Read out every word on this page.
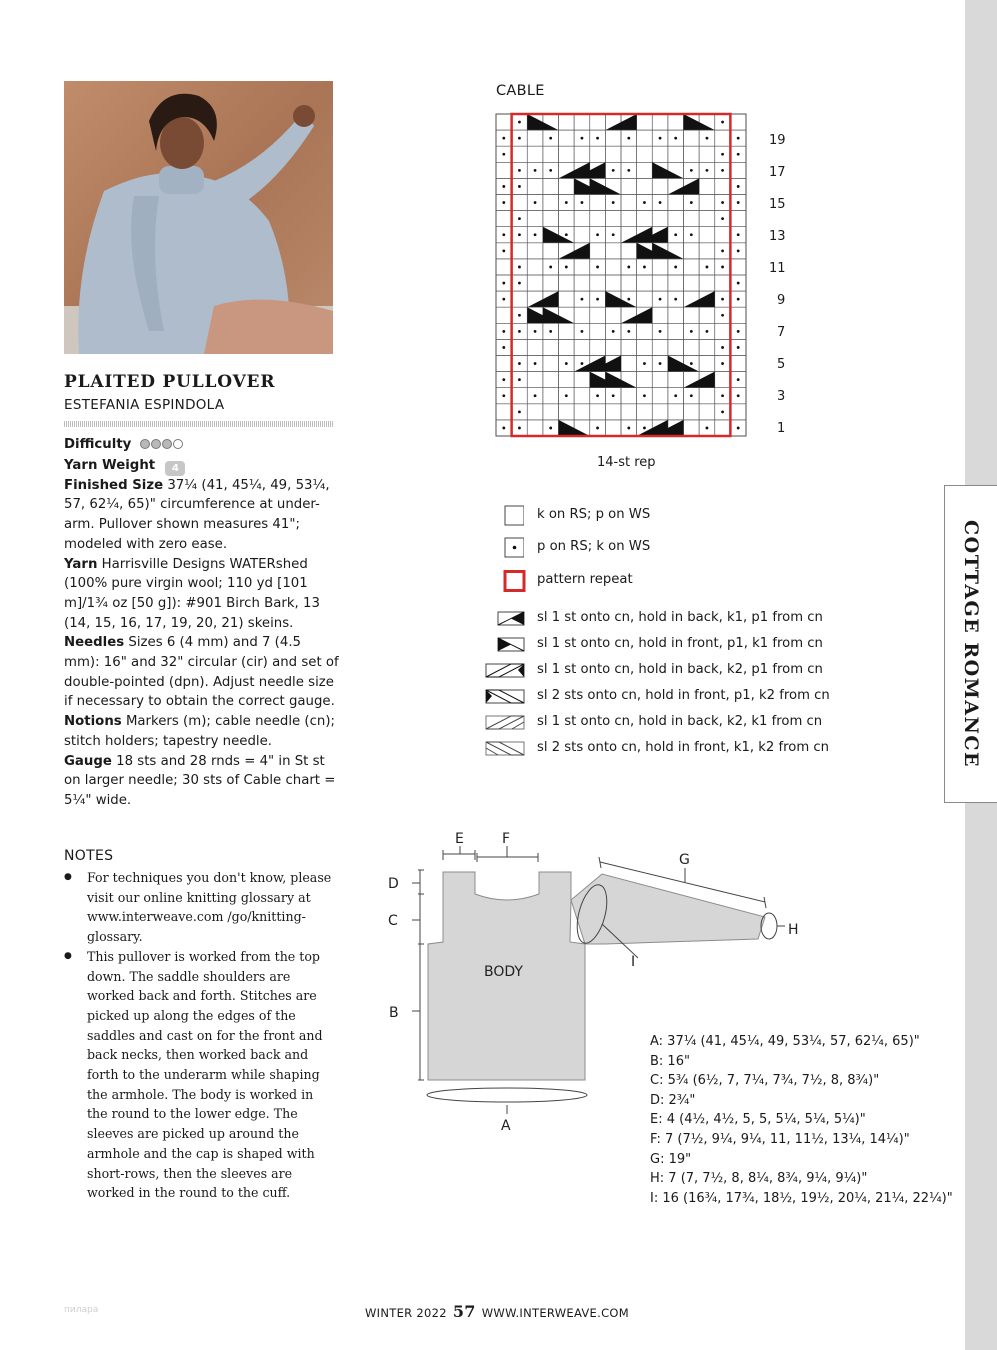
COTTAGE ROMANCE
PLAITED PULLOVER
ESTEFANIA ESPINDOLA

Difficulty

Yarn Weight 4

Finished Size 37¼ (41, 45¼, 49, 53¼, 57, 62¼, 65)" circumference at under-arm. Pullover shown measures 41"; modeled with zero ease.

Yarn Harrisville Designs WATERshed (100% pure virgin wool; 110 yd [101 m]/1¾ oz [50 g]): #901 Birch Bark, 13 (14, 15, 16, 17, 19, 20, 21) skeins.

Needles Sizes 6 (4 mm) and 7 (4.5 mm): 16" and 32" circular (cir) and set of double-pointed (dpn). Adjust needle size if necessary to obtain the correct gauge.

Notions Markers (m); cable needle (cn); stitch holders; tapestry needle.

Gauge 18 sts and 28 rnds = 4" in St st on larger needle; 30 sts of Cable chart = 5¼" wide.

NOTES
● For techniques you don't know, please visit our online knitting glossary at www.interweave.com /go/knitting-glossary.
● This pullover is worked from the top down. The saddle shoulders are worked back and forth. Stitches are picked up along the edges of the saddles and cast on for the front and back necks, then worked back and forth to the underarm while shaping the armhole. The body is worked in the round to the lower edge. The sleeves are picked up around the armhole and the cap is shaped with short-rows, then the sleeves are worked in the round to the cuff.
CABLE
19
17
15
13
11
9
7
5
3
1
14-st rep
k on RS; p on WS
p on RS; k on WS
pattern repeat
sl 1 st onto cn, hold in back, k1, p1 from cn
sl 1 st onto cn, hold in front, p1, k1 from cn
sl 1 st onto cn, hold in back, k2, p1 from cn
sl 2 sts onto cn, hold in front, p1, k2 from cn
sl 1 st onto cn, hold in back, k2, k1 from cn
sl 2 sts onto cn, hold in front, k1, k2 from cn
D
C
B
E	F
G
H
I
A
BODY
A: 37¼ (41, 45¼, 49, 53¼, 57, 62¼, 65)"
B: 16"
C: 5¾ (6½, 7, 7¼, 7¾, 7½, 8, 8¾)"
D: 2¾"
E: 4 (4½, 4½, 5, 5, 5¼, 5¼, 5¼)"
F: 7 (7½, 9¼, 9¼, 11, 11½, 13¼, 14¼)"
G: 19"
H: 7 (7, 7½, 8, 8¼, 8¾, 9¼, 9¼)"
I: 16 (16¾, 17¾, 18½, 19½, 20¼, 21¼, 22¼)"
пилара	WINTER 2022 57 WWW.INTERWEAVE.COM
